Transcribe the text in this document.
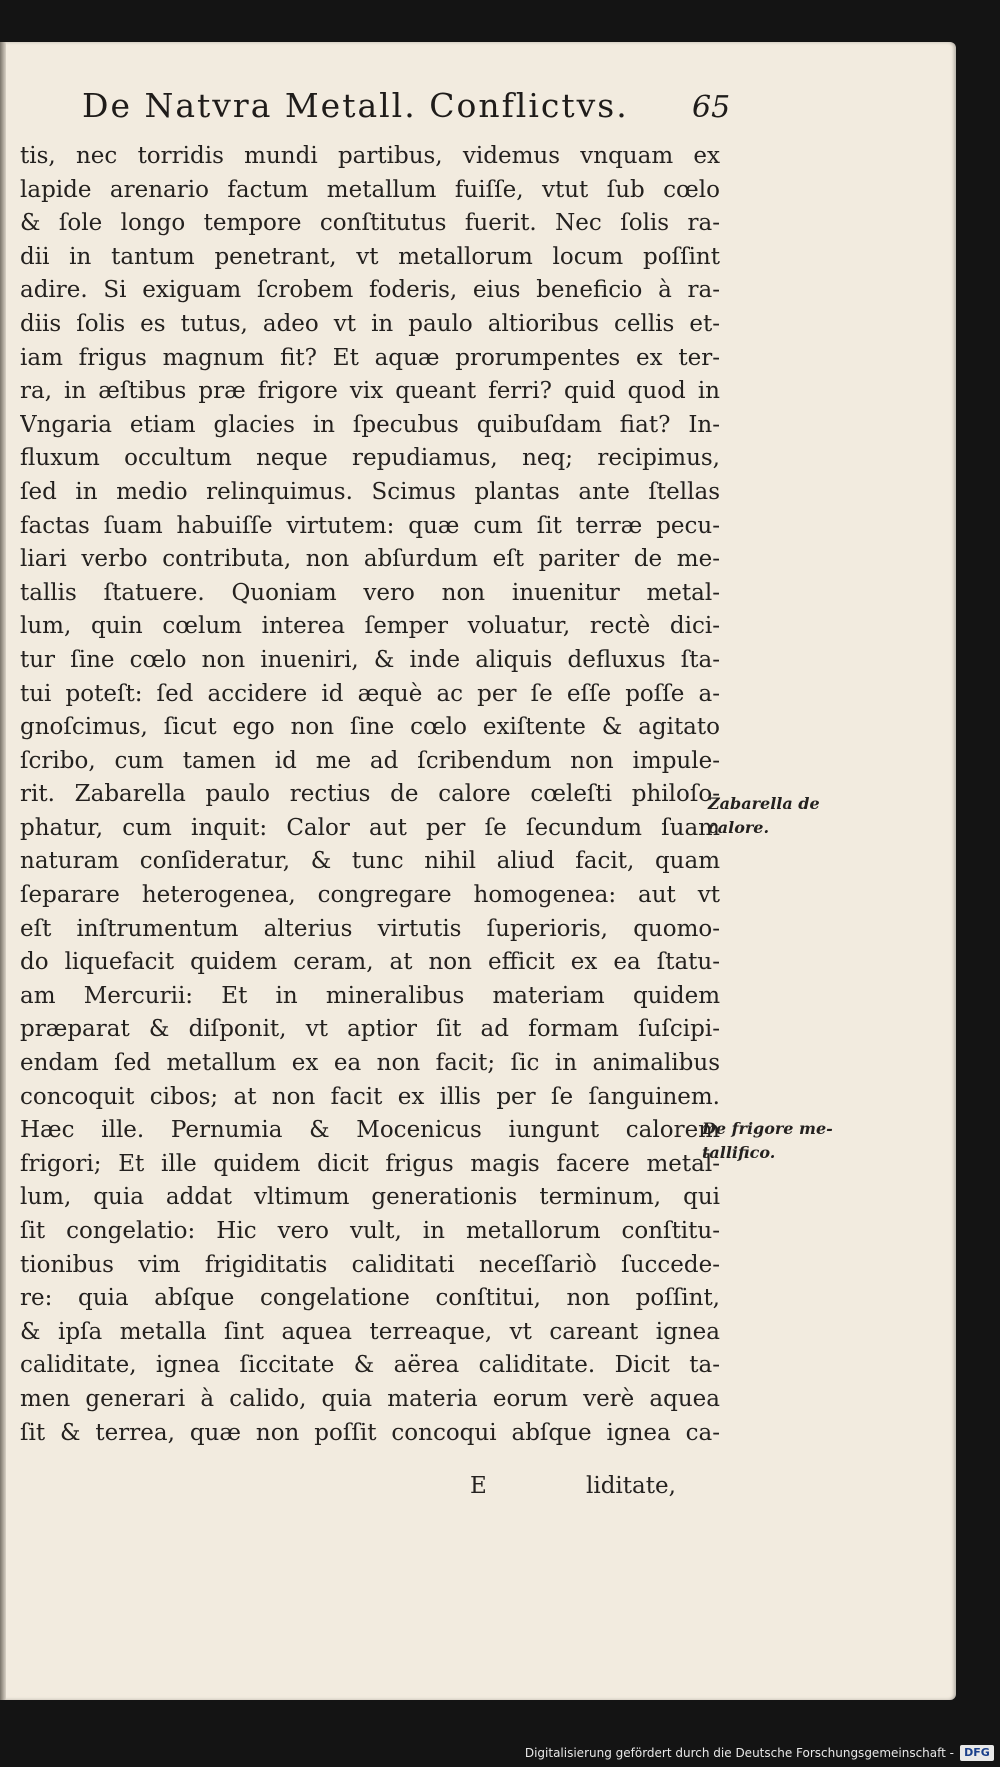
De Natvra Metall. Conflictvs.	65
tis, nec torridis mundi partibus, videmus vnquam ex
lapide arenario factum metallum fuiſſe, vtut ſub cœlo
& ſole longo tempore conſtitutus fuerit. Nec ſolis ra-
dii in tantum penetrant, vt metallorum locum poſſint
adire. Si exiguam ſcrobem foderis, eius beneficio à ra-
diis ſolis es tutus, adeo vt in paulo altioribus cellis et-
iam frigus magnum fit? Et aquæ prorumpentes ex ter-
ra, in æſtibus præ frigore vix queant ferri? quid quod in
Vngaria etiam glacies in ſpecubus quibuſdam fiat? In-
fluxum occultum neque repudiamus, neq; recipimus,
ſed in medio relinquimus. Scimus plantas ante ſtellas
factas ſuam habuiſſe virtutem: quæ cum ſit terræ pecu-
liari verbo contributa, non abſurdum eſt pariter de me-
tallis ſtatuere. Quoniam vero non inuenitur metal-
lum, quin cœlum interea ſemper voluatur, rectè dici-
tur ſine cœlo non inueniri, & inde aliquis defluxus ſta-
tui poteſt: ſed accidere id æquè ac per ſe eſſe poſſe a-
gnoſcimus, ſicut ego non ſine cœlo exiſtente & agitato
ſcribo, cum tamen id me ad ſcribendum non impule-
rit. Zabarella paulo rectius de calore cœleſti philoſo-
phatur, cum inquit: Calor aut per ſe ſecundum ſuam
naturam conſideratur, & tunc nihil aliud facit, quam
ſeparare heterogenea, congregare homogenea: aut vt
eſt inſtrumentum alterius virtutis ſuperioris, quomo-
do liquefacit quidem ceram, at non efficit ex ea ſtatu-
am Mercurii: Et in mineralibus materiam quidem
præparat & diſponit, vt aptior ſit ad formam ſuſcipi-
endam ſed metallum ex ea non facit; ſic in animalibus
concoquit cibos; at non facit ex illis per ſe ſanguinem.
Hæc ille. Pernumia & Mocenicus iungunt calorem
frigori; Et ille quidem dicit frigus magis facere metal-
lum, quia addat vltimum generationis terminum, qui
ſit congelatio: Hic vero vult, in metallorum conſtitu-
tionibus vim frigiditatis caliditati neceſſariò ſuccede-
re: quia abſque congelatione conſtitui, non poſſint,
& ipſa metalla ſint aquea terreaque, vt careant ignea
caliditate, ignea ſiccitate & aërea caliditate. Dicit ta-
men generari à calido, quia materia eorum verè aquea
ſit & terrea, quæ non poſſit concoqui abſque ignea ca-
E	liditate,
Zabarella de
calore.
De frigore me-
tallifico.
Digitalisierung gefördert durch die Deutsche Forschungsgemeinschaft - DFG
